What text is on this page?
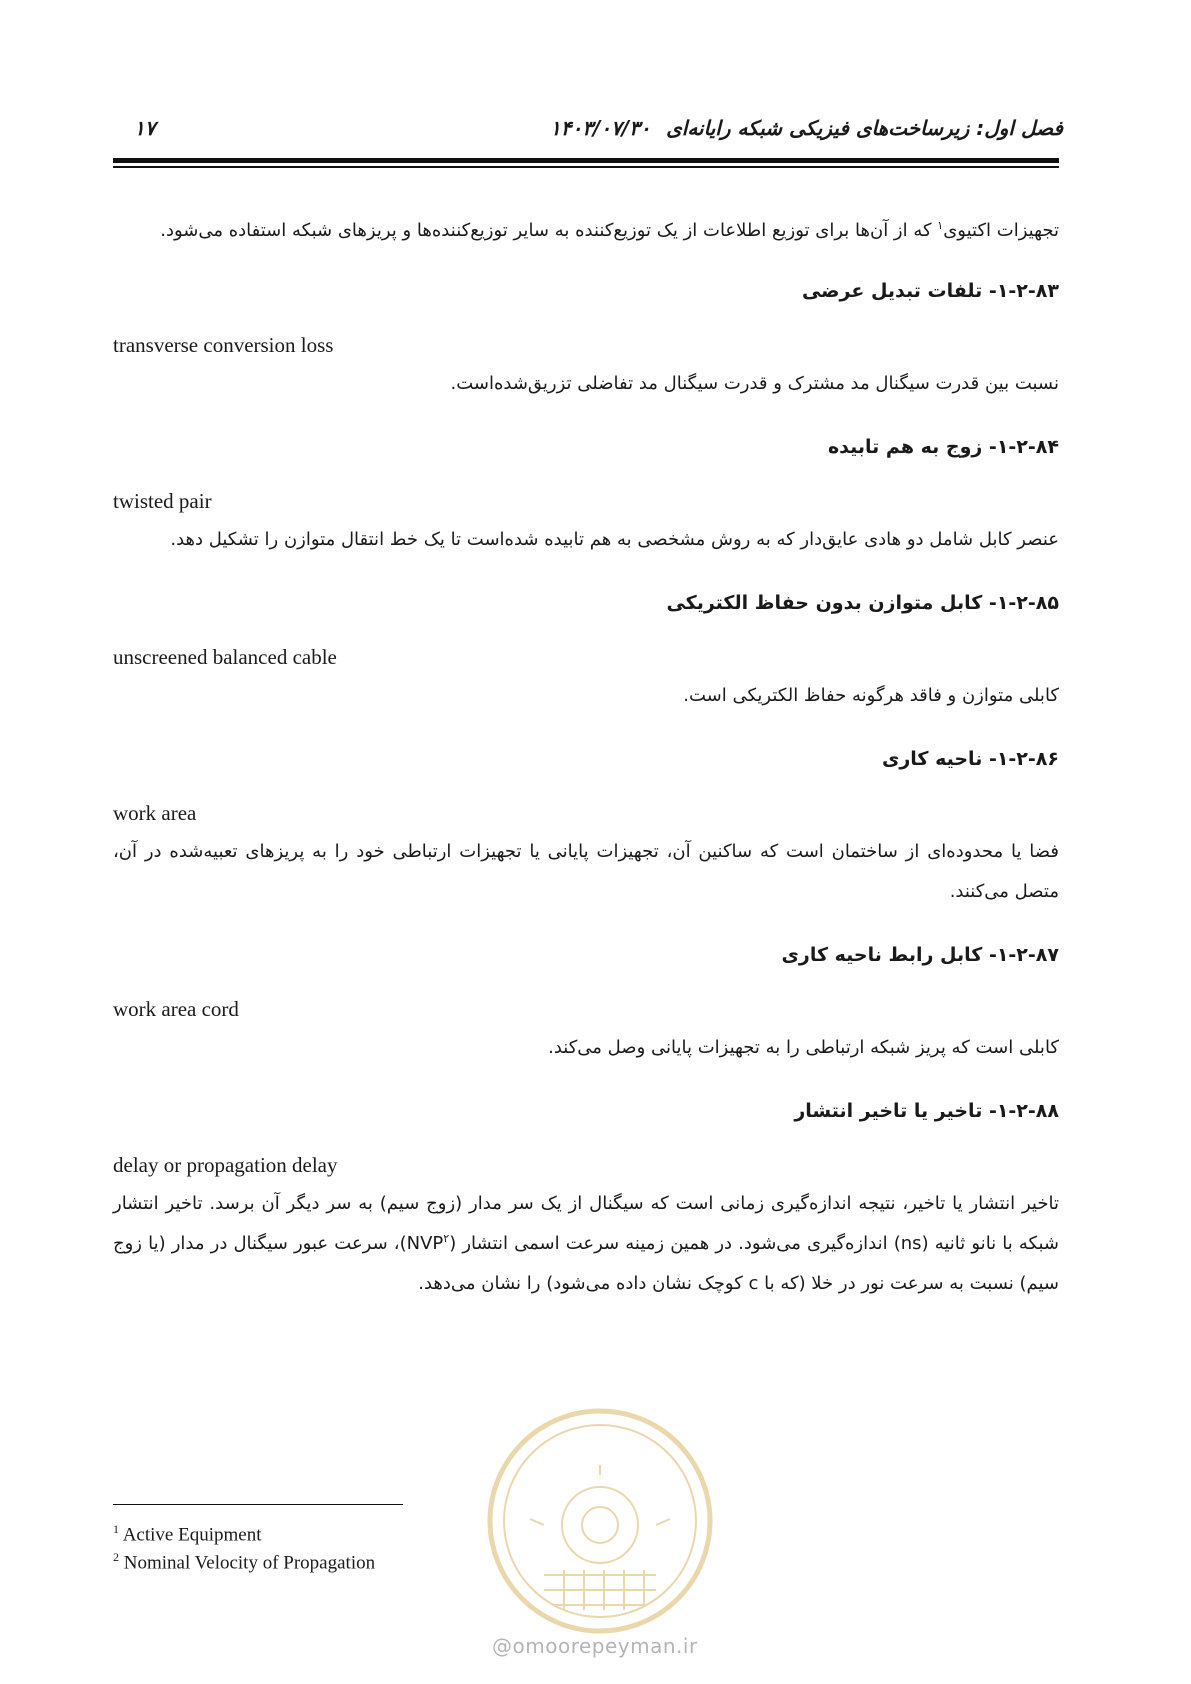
فصل اول: زیرساخت‌های فیزیکی شبکه رایانه‌ای
۱۴۰۳/۰۷/۳۰
۱۷

تجهیزات اکتیوی$^۱$ که از آن‌ها برای توزیع اطلاعات از یک توزیع‌کننده به سایر توزیع‌کننده‌ها و پریزهای شبکه استفاده می‌شود.

۱-۲-۸۳- تلفات تبدیل عرضی
transverse conversion loss
نسبت بین قدرت سیگنال مد مشترک و قدرت سیگنال مد تفاضلی تزریق‌شده‌است.
۱-۲-۸۴- زوج به هم تابیده
twisted pair
عنصر کابل شامل دو هادی عایق‌دار که به روش مشخصی به هم تابیده شده‌است تا یک خط انتقال متوازن را تشکیل دهد.
۱-۲-۸۵- کابل متوازن بدون حفاظ الکتریکی
unscreened balanced cable
کابلی متوازن و فاقد هرگونه حفاظ الکتریکی است.
۱-۲-۸۶- ناحیه کاری
work area
فضا یا محدوده‌ای از ساختمان است که ساکنین آن، تجهیزات پایانی یا تجهیزات ارتباطی خود را به پریزهای تعبیه‌شده در آن، متصل می‌کنند.
۱-۲-۸۷- کابل رابط ناحیه کاری
work area cord
کابلی است که پریز شبکه ارتباطی را به تجهیزات پایانی وصل می‌کند.
۱-۲-۸۸- تاخیر یا تاخیر انتشار
delay or propagation delay
تاخیر انتشار یا تاخیر، نتیجه اندازه‌گیری زمانی است که سیگنال از یک سر مدار (زوج سیم) به سر دیگر آن برسد. تاخیر انتشار شبکه با نانو ثانیه (ns) اندازه‌گیری می‌شود. در همین زمینه سرعت اسمی انتشار (NVP$^۲$)، سرعت عبور سیگنال در مدار (یا زوج سیم) نسبت به سرعت نور در خلا (که با c کوچک نشان داده می‌شود) را نشان می‌دهد.
$^1$ Active Equipment
$^2$ Nominal Velocity of Propagation
@omoorepeyman.ir
